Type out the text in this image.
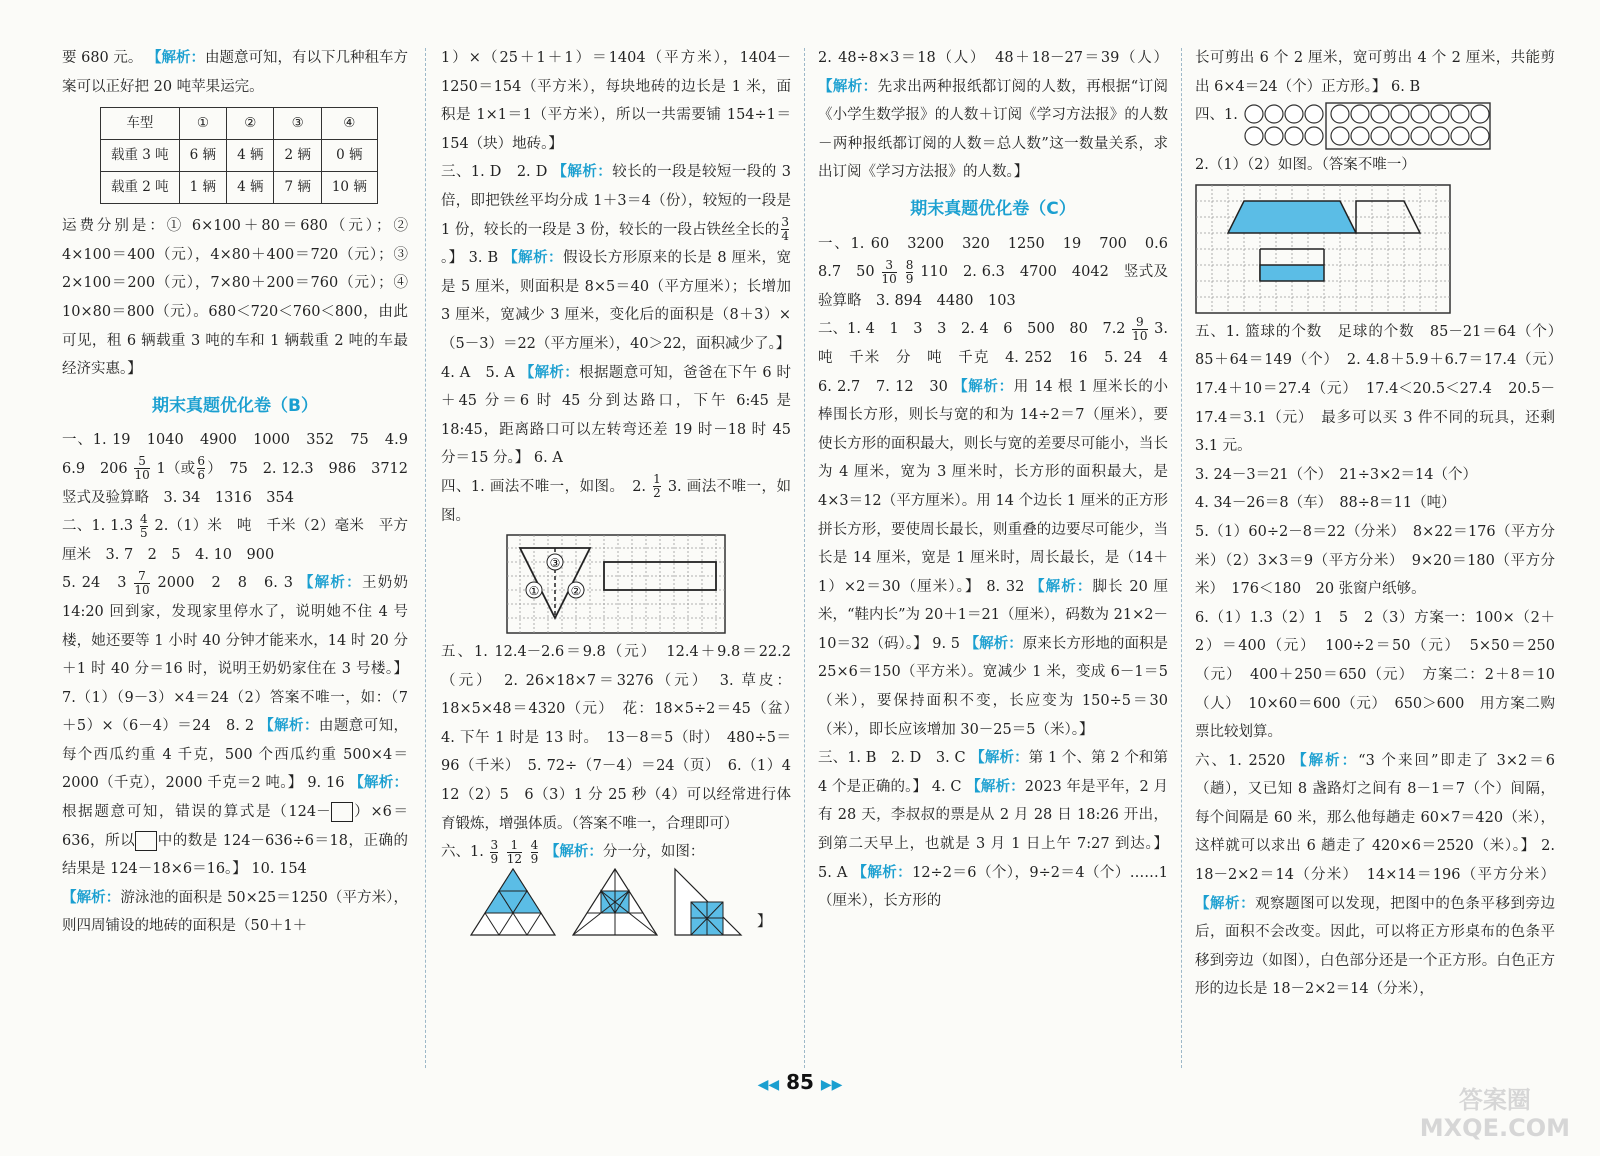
要 680 元。 【解析：由题意可知，有以下几种租车方案可以正好把 20 吨苹果运完。

车型	①	②	③	④
载重 3 吨	6 辆	4 辆	2 辆	0 辆
载重 2 吨	1 辆	4 辆	7 辆	10 辆

运费分别是：① 6×100＋80＝680（元）；② 4×100＝400（元），4×80＋400＝720（元）；③ 2×100＝200（元），7×80＋200＝760（元）；④ 10×80＝800（元）。680＜720＜760＜800，由此可见，租 6 辆载重 3 吨的车和 1 辆载重 2 吨的车最经济实惠。】

期末真题优化卷（B）

一、1. 19　1040　4900　1000　352　75　4.9　6.9　$206 \frac{5}{10} 1$（或 $\frac{6}{6}$ ）　75　2. 12.3　986　3712　竖式及验算略　3. 34　1316　354

二、1. $1.3 \frac{4}{5} 2.(1)$米　吨　千米（2）毫米　平方厘米　3. 7　2　5　4. 10　900
5. 24　$3 \frac{7}{10} 2000$　2　8　6. 3 【解析：王奶奶 14:20 回到家，发现家里停水了，说明她不住 4 号楼，她还要等 1 小时 40 分钟才能来水，14 时 20 分＋1 时 40 分＝16 时，说明王奶奶家住在 3 号楼。】 7.（1）（9－3）×4＝24（2）答案不唯一，如：（7＋5）×（6－4）＝24　8. 2 【解析：由题意可知，每个西瓜约重 4 千克，500 个西瓜约重 500×4＝2000（千克），2000 千克＝2 吨。】 9. 16 【解析：根据题意可知，错误的算式是（124－ ）×6＝636，所以 中的数是 124－636÷6＝18，正确的结果是 124－18×6＝16。】 10. 154
【解析：游泳池的面积是 50×25＝1250（平方米），则四周铺设的地砖的面积是（50＋1＋

1）×（25＋1＋1）＝1404（平方米），1404－1250＝154（平方米），每块地砖的边长是 1 米，面积是 1×1＝1（平方米），所以一共需要铺 154÷1＝154（块）地砖。】

三、1. D　2. D 【解析：较长的一段是较短一段的 3 倍，即把铁丝平均分成 1＋3＝4（份），较短的一段是 1 份，较长的一段是 3 份，较长的一段占铁丝全长的 $\frac{3}{4}$
。】 3. B 【解析：假设长方形原来的长是 8 厘米，宽是 5 厘米，则面积是 8×5＝40（平方厘米）；长增加 3 厘米，宽减少 3 厘米，变化后的面积是（8＋3）×（5－3）＝22（平方厘米），40＞22，面积减少了。】

4. A　5. A 【解析：根据题意可知，爸爸在下午 6 时＋45 分＝6 时 45 分到达路口，下午 6:45 是 18:45，距离路口可以左转弯还差 19 时－18 时 45 分＝15 分。】 6. A

四、1. 画法不唯一，如图。　2. $\frac{1}{2} 3$. 画法不唯一，如图。

③
①	②

五、1. 12.4－2.6＝9.8（元）　12.4＋9.8＝22.2（元）　2. 26×18×7＝3276（元）　3. 草皮：18×5×48＝4320（元）　花：18×5÷2＝45（盆）　4. 下午 1 时是 13 时。　13－8＝5（时）　480÷5＝96（千米）　5. 72÷（7－4）＝24（页）　6.（1）4　12（2）5　6（3）1 分 25 秒（4）可以经常进行体育锻炼，增强体质。（答案不唯一，合理即可）

六、1. $\frac{3}{9}$
$\frac{1}{12}$
$\frac{4}{9}$ 【解析：分一分，如图：

】

2. 48÷8×3＝18（人）　48＋18－27＝39（人） 【解析：先求出两种报纸都订阅的人数，再根据“订阅《小学生数学报》的人数＋订阅《学习方法报》的人数－两种报纸都订阅的人数＝总人数”这一数量关系，求出订阅《学习方法报》的人数。】

期末真题优化卷（C）

一、1. 60　3200　320　1250　19　700　0.6　8.7　$50 \frac{3}{10}$
$\frac{8}{9} 110$　2. 6.3　4700　4042　竖式及验算略　3. 894　4480　103

二、1. 4　1　3　3　2. 4　6　500　80　$7.2 \frac{9}{10} 3$. 吨　千米　分　吨　千克　4. 252　16　5. 24　4　6. 2.7　7. 12　30 【解析：用 14 根 1 厘米长的小棒围长方形，则长与宽的和为 14÷2＝7（厘米），要使长方形的面积最大，则长与宽的差要尽可能小，当长为 4 厘米，宽为 3 厘米时，长方形的面积最大，是 4×3＝12（平方厘米）。用 14 个边长 1 厘米的正方形拼长方形，要使周长最长，则重叠的边要尽可能少，当长是 14 厘米，宽是 1 厘米时，周长最长，是（14＋1）×2＝30（厘米）。】 8. 32 【解析：脚长 20 厘米，“鞋内长”为 20＋1＝21（厘米），码数为 21×2－10＝32（码）。】 9. 5 【解析：原来长方形地的面积是 25×6＝150（平方米）。宽减少 1 米，变成 6－1＝5（米），要保持面积不变，长应变为 150÷5＝30（米），即长应该增加 30－25＝5（米）。】

三、1. B　2. D　3. C 【解析：第 1 个、第 2 个和第 4 个是正确的。】 4. C 【解析：2023 年是平年，2 月有 28 天，李叔叔的票是从 2 月 28 日 18:26 开出，到第二天早上，也就是 3 月 1 日上午 7:27 到达。】 5. A 【解析：12÷2＝6（个），9÷2＝4（个）……1（厘米），长方形的

长可剪出 6 个 2 厘米，宽可剪出 4 个 2 厘米，共能剪出 6×4＝24（个）正方形。】 6. B

四、1.

2.（1）（2）如图。（答案不唯一）

五、1. 篮球的个数　足球的个数　85－21＝64（个）　85＋64＝149（个）　2. 4.8＋5.9＋6.7＝17.4（元）　17.4＋10＝27.4（元）　17.4＜20.5＜27.4　20.5－17.4＝3.1（元）　最多可以买 3 件不同的玩具，还剩 3.1 元。

3. 24－3＝21（个）　21÷3×2＝14（个）

4. 34－26＝8（车）　88÷8＝11（吨）

5.（1）60÷2－8＝22（分米）　8×22＝176（平方分米）（2）3×3＝9（平方分米）　9×20＝180（平方分米）　176＜180　20 张窗户纸够。

6.（1）1.3（2）1　5　2（3）方案一：100×（2＋2）＝400（元）　100÷2＝50（元）　5×50＝250（元）　400＋250＝650（元）　方案二：2＋8＝10（人）　10×60＝600（元）　650＞600　用方案二购票比较划算。

六、1. 2520 【解析：“3 个来回”即走了 3×2＝6（趟），又已知 8 盏路灯之间有 8－1＝7（个）间隔，每个间隔是 60 米，那么他每趟走 60×7＝420（米），这样就可以求出 6 趟走了 420×6＝2520（米）。】 2. 18－2×2＝14（分米）　14×14＝196（平方分米） 【解析：观察题图可以发现，把图中的色条平移到旁边后，面积不会改变。因此，可以将正方形桌布的色条平移到旁边（如图），白色部分还是一个正方形。白色正方形的边长是 18－2×2＝14（分米），

◀◀ 85 ▶▶
答案圈
MXQE.COM
